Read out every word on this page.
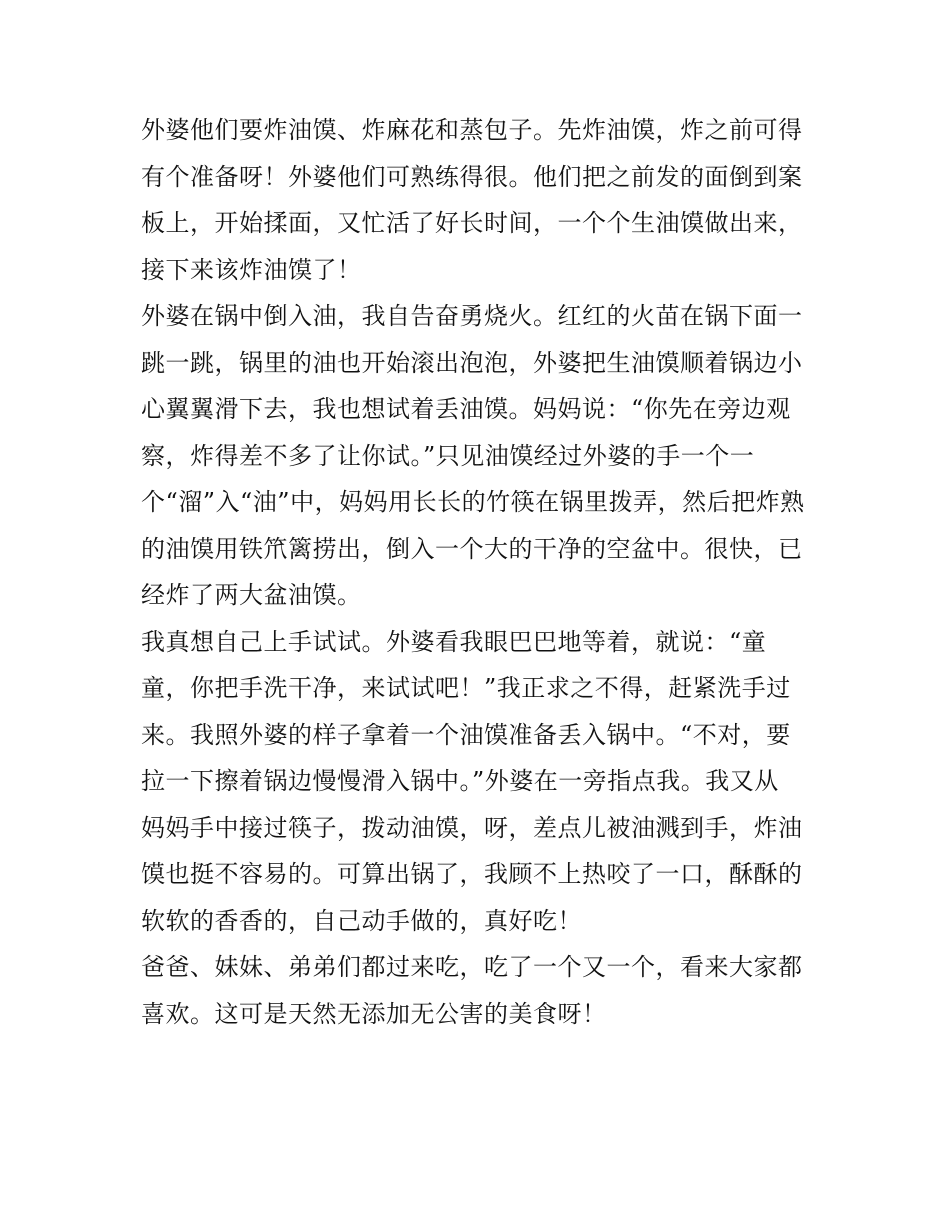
外婆他们要炸油馍、炸麻花和蒸包子。先炸油馍，炸之前可得
有个准备呀！外婆他们可熟练得很。他们把之前发的面倒到案
板上，开始揉面，又忙活了好长时间，一个个生油馍做出来，
接下来该炸油馍了！
外婆在锅中倒入油，我自告奋勇烧火。红红的火苗在锅下面一
跳一跳，锅里的油也开始滚出泡泡，外婆把生油馍顺着锅边小
心翼翼滑下去，我也想试着丢油馍。妈妈说：“你先在旁边观
察，炸得差不多了让你试。”只见油馍经过外婆的手一个一
个“溜”入“油”中，妈妈用长长的竹筷在锅里拨弄，然后把炸熟
的油馍用铁笊篱捞出，倒入一个大的干净的空盆中。很快，已
经炸了两大盆油馍。
我真想自己上手试试。外婆看我眼巴巴地等着，就说：“童
童，你把手洗干净，来试试吧！”我正求之不得，赶紧洗手过
来。我照外婆的样子拿着一个油馍准备丢入锅中。“不对，要
拉一下擦着锅边慢慢滑入锅中。”外婆在一旁指点我。我又从
妈妈手中接过筷子，拨动油馍，呀，差点儿被油溅到手，炸油
馍也挺不容易的。可算出锅了，我顾不上热咬了一口，酥酥的
软软的香香的，自己动手做的，真好吃！
爸爸、妹妹、弟弟们都过来吃，吃了一个又一个，看来大家都
喜欢。这可是天然无添加无公害的美食呀！
